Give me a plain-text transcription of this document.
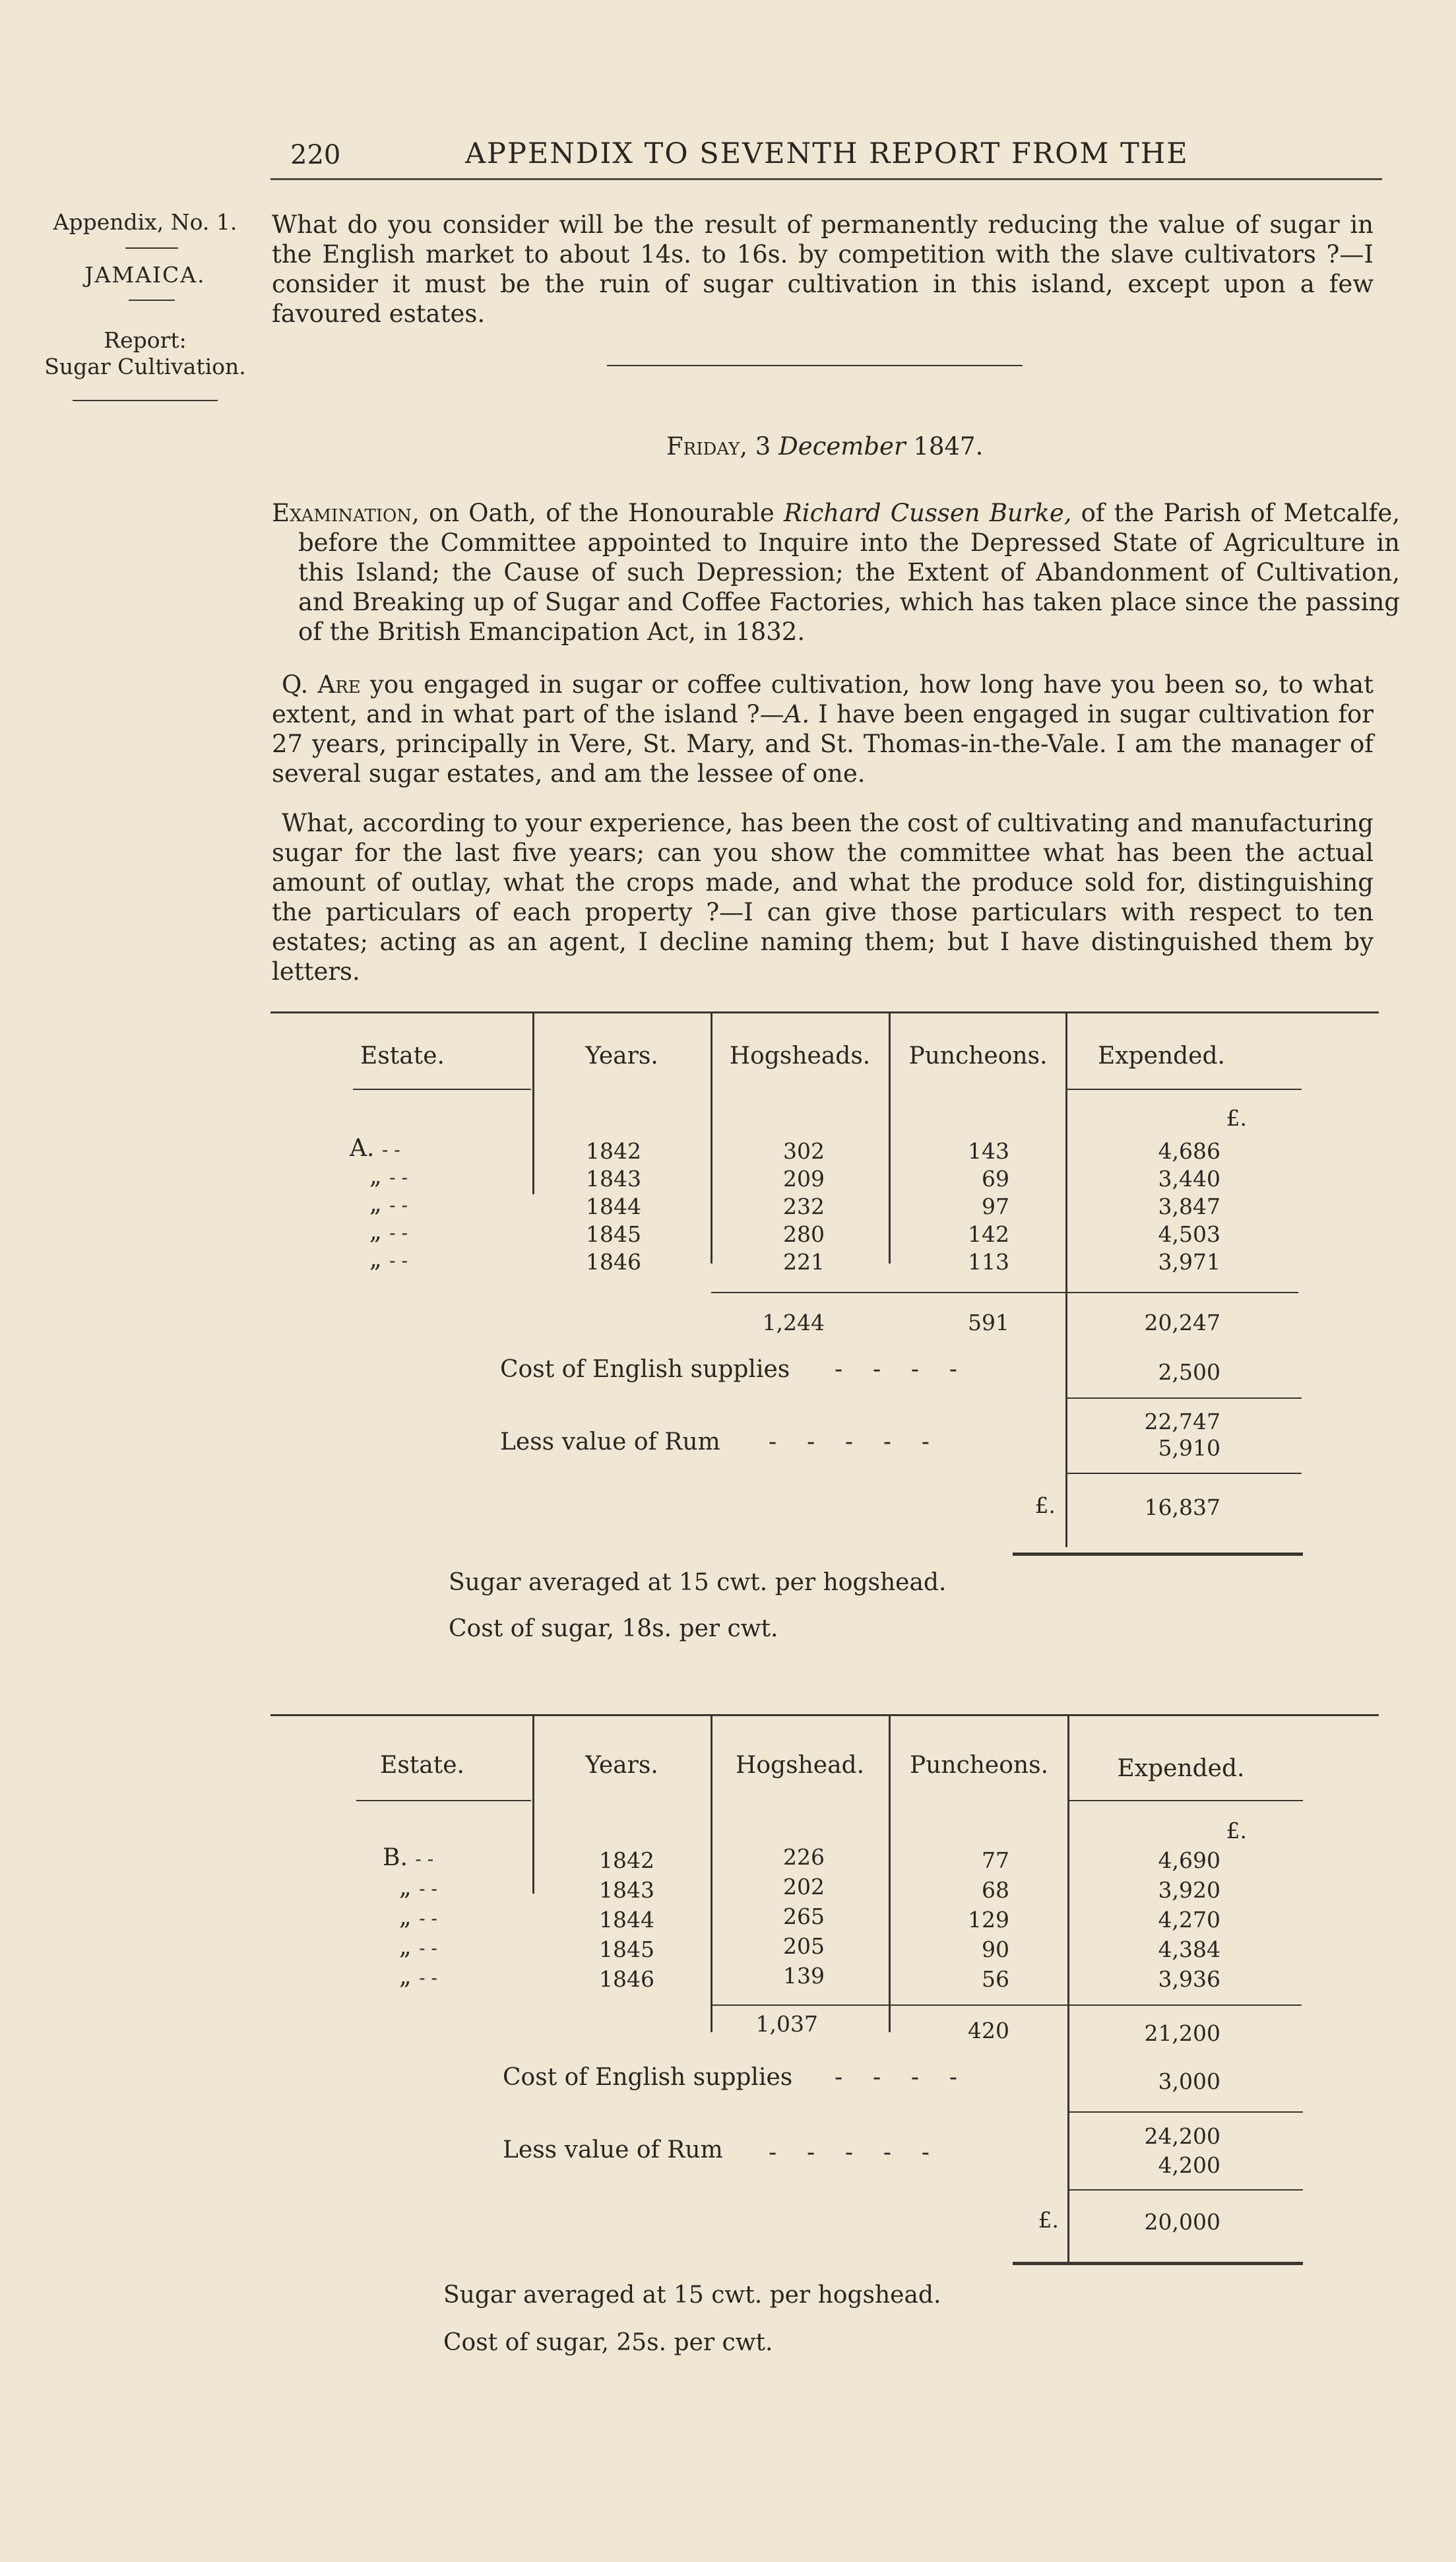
220	APPENDIX TO SEVENTH REPORT FROM THE
Appendix, No. 1.
JAMAICA.
Report:
Sugar Cultivation.
What do you consider will be the result of permanently reducing the value of sugar in the English market to about 14s. to 16s. by competition with the slave cultivators ?—I consider it must be the ruin of sugar cultivation in this island, except upon a few favoured estates.
Friday, 3 December 1847.
Examination, on Oath, of the Honourable Richard Cussen Burke, of the Parish of Metcalfe, before the Committee appointed to Inquire into the Depressed State of Agriculture in this Island; the Cause of such Depression; the Extent of Abandonment of Cultivation, and Breaking up of Sugar and Coffee Factories, which has taken place since the passing of the British Emancipation Act, in 1832.
Q. Are you engaged in sugar or coffee cultivation, how long have you been so, to what extent, and in what part of the island ?—A. I have been engaged in sugar cultivation for 27 years, principally in Vere, St. Mary, and St. Thomas-in-the-Vale. I am the manager of several sugar estates, and am the lessee of one.
What, according to your experience, has been the cost of cultivating and manufacturing sugar for the last five years; can you show the committee what has been the actual amount of outlay, what the crops made, and what the produce sold for, distinguishing the particulars of each property ?—I can give those particulars with respect to ten estates; acting as an agent, I decline naming them; but I have distinguished them by letters.
Estate.	Years.	Hogsheads.	Puncheons.	Expended.
£.
A. - -	1842	302	143	4,686
„ - -	1843	209	69	3,440
„ - -	1844	232	97	3,847
„ - -	1845	280	142	4,503
„ - -	1846	221	113	3,971
1,244	591	20,247
Cost of English supplies -    -    -    -	2,500
22,747
Less value of Rum -    -    -    -    -	5,910
£.	16,837
Sugar averaged at 15 cwt. per hogshead.
Cost of sugar, 18s. per cwt.
Estate.	Years.	Hogshead.	Puncheons.	Expended.
£.
B. - -	1842	226	77	4,690
„ - -	1843	202	68	3,920
„ - -	1844	265	129	4,270
„ - -	1845	205	90	4,384
„ - -	1846	139	56	3,936
1,037	420	21,200
Cost of English supplies -    -    -    -	3,000
24,200
Less value of Rum -    -    -    -    -	4,200
£.	20,000
Sugar averaged at 15 cwt. per hogshead.
Cost of sugar, 25s. per cwt.
